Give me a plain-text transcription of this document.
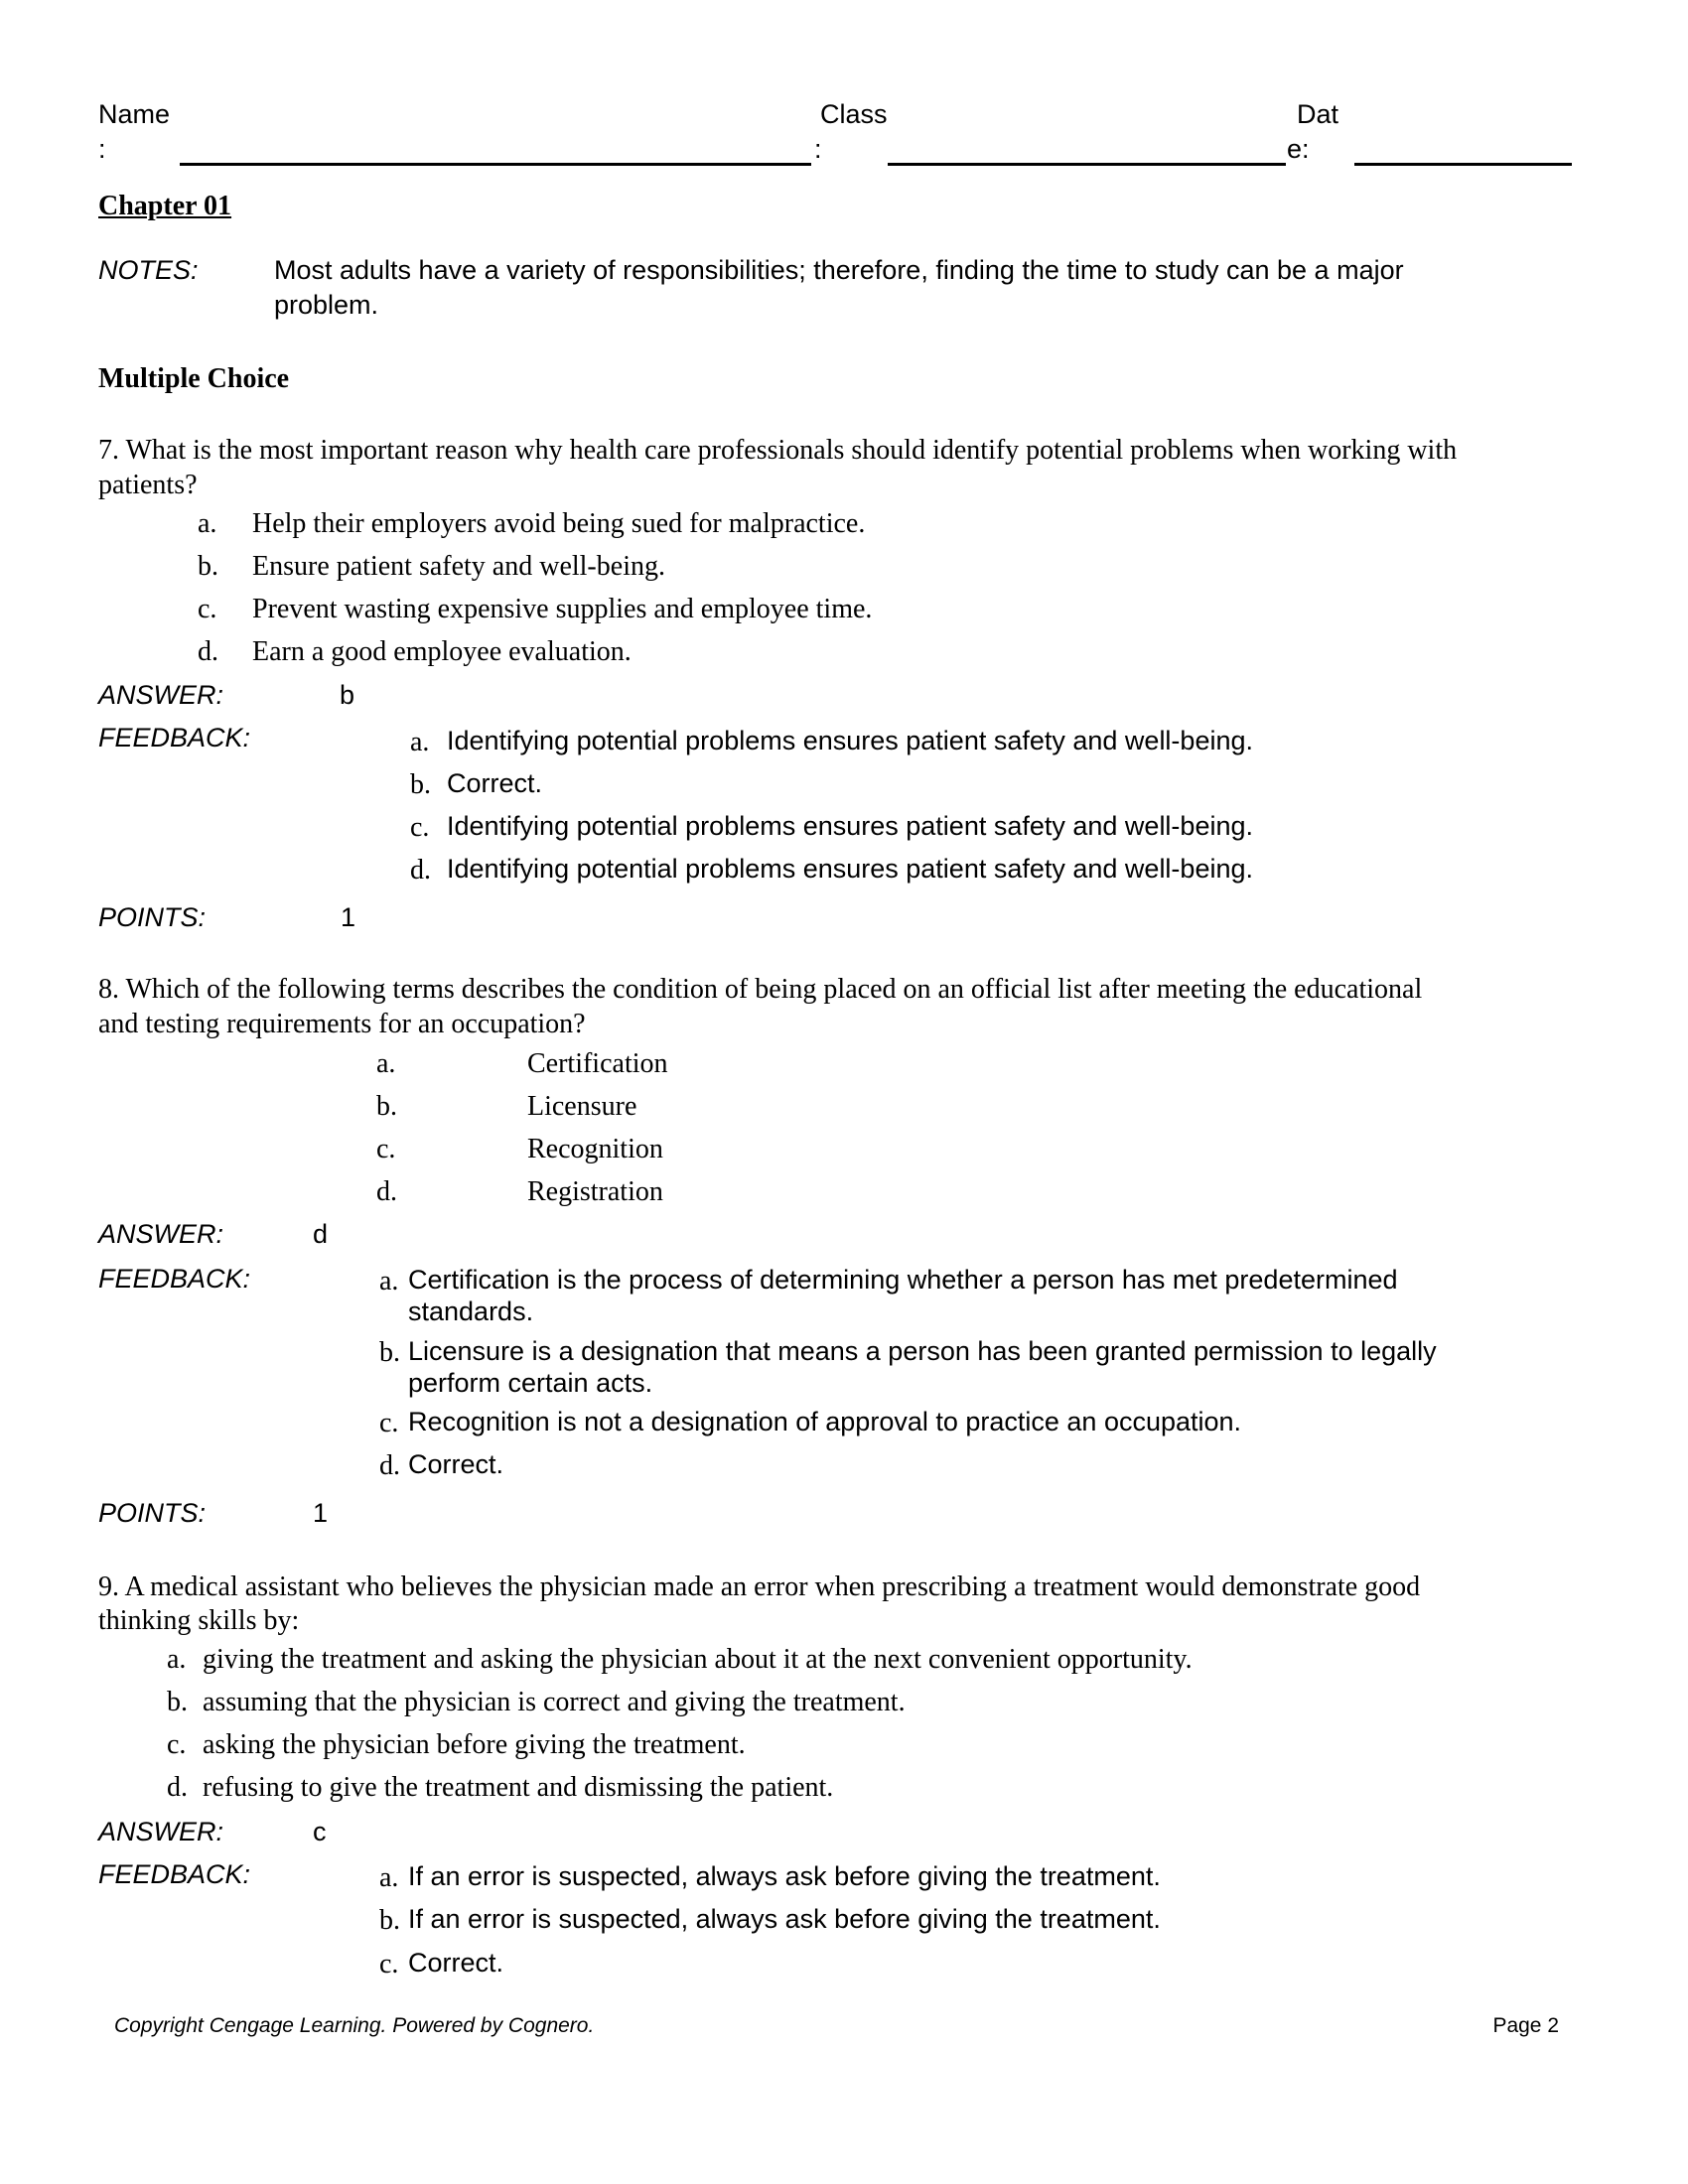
Name	Class	Dat
:	:	e:
Chapter 01
NOTES:	Most adults have a variety of responsibilities; therefore, finding the time to study can be a major
problem.
Multiple Choice
7. What is the most important reason why health care professionals should identify potential problems when working with
patients?
a. Help their employers avoid being sued for malpractice.
b. Ensure patient safety and well-being.
c. Prevent wasting expensive supplies and employee time.
d. Earn a good employee evaluation.
ANSWER:	b
FEEDBACK:	a. Identifying potential problems ensures patient safety and well-being.
b. Correct.
c. Identifying potential problems ensures patient safety and well-being.
d. Identifying potential problems ensures patient safety and well-being.
POINTS:	1
8. Which of the following terms describes the condition of being placed on an official list after meeting the educational
and testing requirements for an occupation?
a.	Certification
b.	Licensure
c.	Recognition
d.	Registration
ANSWER:	d
FEEDBACK:	a. Certification is the process of determining whether a person has met predetermined
standards.
b. Licensure is a designation that means a person has been granted permission to legally
perform certain acts.
c. Recognition is not a designation of approval to practice an occupation.
d. Correct.
POINTS:	1
9. A medical assistant who believes the physician made an error when prescribing a treatment would demonstrate good
thinking skills by:
a. giving the treatment and asking the physician about it at the next convenient opportunity.
b. assuming that the physician is correct and giving the treatment.
c. asking the physician before giving the treatment.
d. refusing to give the treatment and dismissing the patient.
ANSWER:	c
FEEDBACK:	a. If an error is suspected, always ask before giving the treatment.
b. If an error is suspected, always ask before giving the treatment.
c. Correct.
Copyright Cengage Learning. Powered by Cognero.	Page 2
